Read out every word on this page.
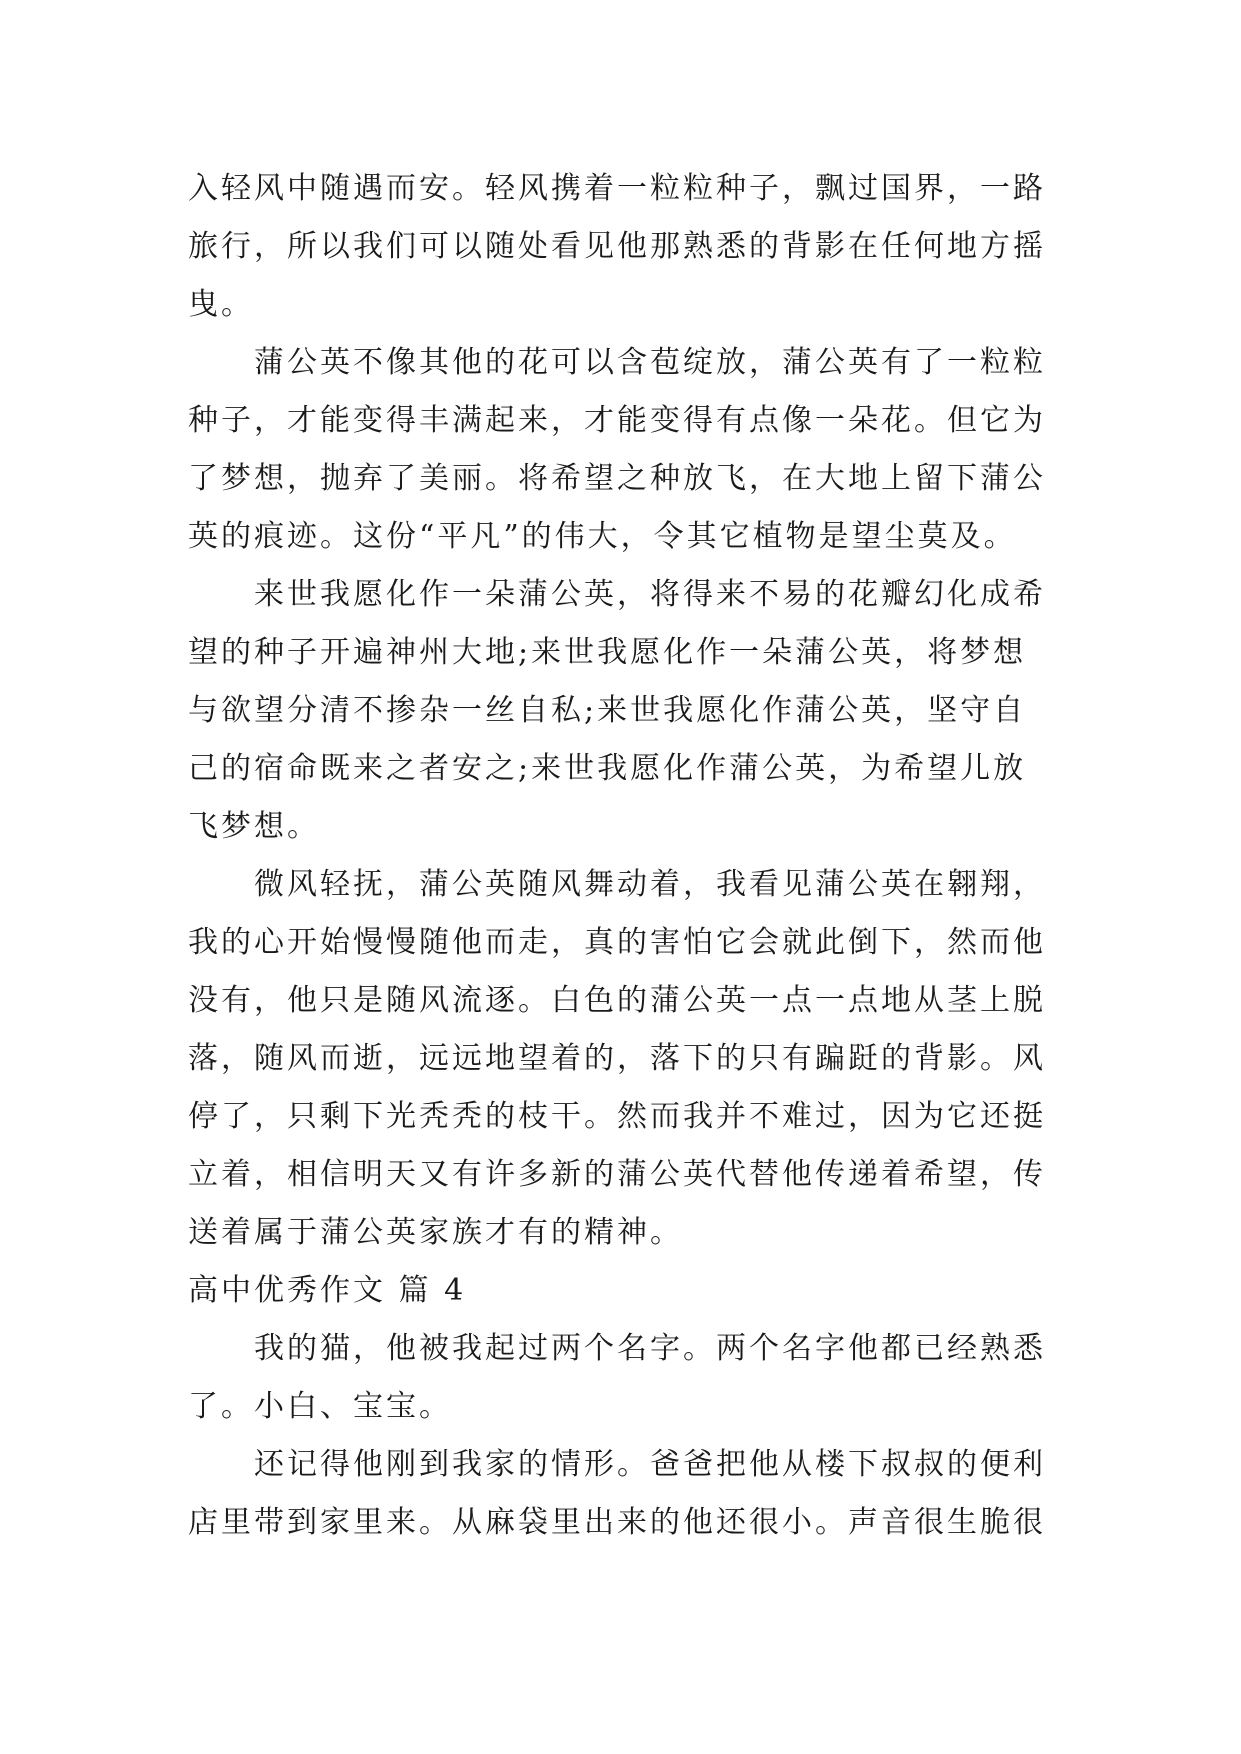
入轻风中随遇而安。轻风携着一粒粒种子，飘过国界，一路
旅行，所以我们可以随处看见他那熟悉的背影在任何地方摇
曳。
蒲公英不像其他的花可以含苞绽放，蒲公英有了一粒粒
种子，才能变得丰满起来，才能变得有点像一朵花。但它为
了梦想，抛弃了美丽。将希望之种放飞，在大地上留下蒲公
英的痕迹。这份“平凡”的伟大，令其它植物是望尘莫及。
来世我愿化作一朵蒲公英，将得来不易的花瓣幻化成希
望的种子开遍神州大地;来世我愿化作一朵蒲公英，将梦想
与欲望分清不掺杂一丝自私;来世我愿化作蒲公英，坚守自
己的宿命既来之者安之;来世我愿化作蒲公英，为希望儿放
飞梦想。
微风轻抚，蒲公英随风舞动着，我看见蒲公英在翱翔，
我的心开始慢慢随他而走，真的害怕它会就此倒下，然而他
没有，他只是随风流逐。白色的蒲公英一点一点地从茎上脱
落，随风而逝，远远地望着的，落下的只有蹁跹的背影。风
停了，只剩下光秃秃的枝干。然而我并不难过，因为它还挺
立着，相信明天又有许多新的蒲公英代替他传递着希望，传
送着属于蒲公英家族才有的精神。
高中优秀作文 篇 4
我的猫，他被我起过两个名字。两个名字他都已经熟悉
了。小白、宝宝。
还记得他刚到我家的情形。爸爸把他从楼下叔叔的便利
店里带到家里来。从麻袋里出来的他还很小。声音很生脆很
